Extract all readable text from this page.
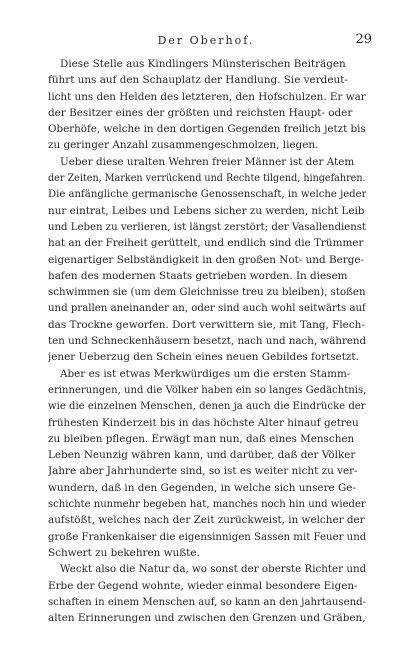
Der Oberhof.	29
Diese Stelle aus Kindlingers Münsterischen Beiträgen
führt uns auf den Schauplatz der Handlung. Sie verdeut-
licht uns den Helden des letzteren, den Hofschulzen. Er war
der Besitzer eines der größten und reichsten Haupt- oder
Oberhöfe, welche in den dortigen Gegenden freilich jetzt bis
zu geringer Anzahl zusammengeschmolzen, liegen.
Ueber diese uralten Wehren freier Männer ist der Atem
der Zeiten, Marken verrückend und Rechte tilgend, hingefahren.
Die anfängliche germanische Genossenschaft, in welche jeder
nur eintrat, Leibes und Lebens sicher zu werden, nicht Leib
und Leben zu verlieren, ist längst zerstört; der Vasallendienst
hat an der Freiheit gerüttelt, und endlich sind die Trümmer
eigenartiger Selbständigkeit in den großen Not- und Berge-
hafen des modernen Staats getrieben worden. In diesem
schwimmen sie (um dem Gleichnisse treu zu bleiben), stoßen
und prallen aneinander an, oder sind auch wohl seitwärts auf
das Trockne geworfen. Dort verwittern sie, mit Tang, Flech-
ten und Schneckenhäusern besetzt, nach und nach, während
jener Ueberzug den Schein eines neuen Gebildes fortsetzt.
Aber es ist etwas Merkwürdiges um die ersten Stamm-
erinnerungen, und die Völker haben ein so langes Gedächtnis,
wie die einzelnen Menschen, denen ja auch die Eindrücke der
frühesten Kinderzeit bis in das höchste Alter hinauf getreu
zu bleiben pflegen. Erwägt man nun, daß eines Menschen
Leben Neunzig währen kann, und darüber, daß der Völker
Jahre aber Jahrhunderte sind, so ist es weiter nicht zu ver-
wundern, daß in den Gegenden, in welche sich unsere Ge-
schichte nunmehr begeben hat, manches noch hin und wieder
aufstößt, welches nach der Zeit zurückweist, in welcher der
große Frankenkaiser die eigensinnigen Sassen mit Feuer und
Schwert zu bekehren wußte.
Weckt also die Natur da, wo sonst der oberste Richter und
Erbe der Gegend wohnte, wieder einmal besondere Eigen-
schaften in einem Menschen auf, so kann an den jahrtausend-
alten Erinnerungen und zwischen den Grenzen und Gräben,
